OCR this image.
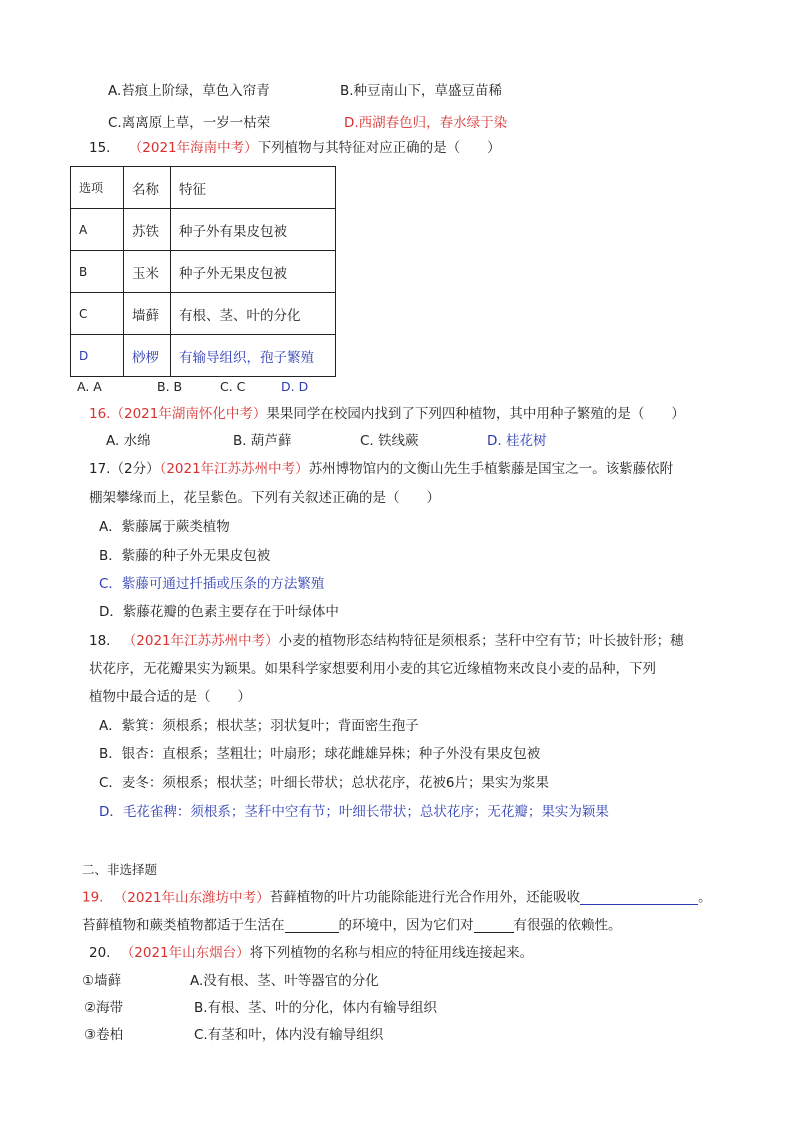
A.苔痕上阶绿，草色入帘青	B.种豆南山下，草盛豆苗稀
C.离离原上草，一岁一枯荣	D.西湖春色归，春水绿于染
15. （2021年海南中考）下列植物与其特征对应正确的是（　　）
选项	名称	特征
A	苏铁	种子外有果皮包被
B	玉米	种子外无果皮包被
C	墙藓	有根、茎、叶的分化
D	桫椤	有输导组织，孢子繁殖
A. A	B. B	C. C	D. D
16.（2021年湖南怀化中考）果果同学在校园内找到了下列四种植物，其中用种子繁殖的是（　　）
A. 水绵	B. 葫芦藓	C. 铁线蕨	D. 桂花树
17.（2分）（2021年江苏苏州中考）苏州博物馆内的文衡山先生手植紫藤是国宝之一。该紫藤依附
棚架攀缘而上，花呈紫色。下列有关叙述正确的是（　　）
A．紫藤属于蕨类植物
B．紫藤的种子外无果皮包被
C．紫藤可通过扦插或压条的方法繁殖
D．紫藤花瓣的色素主要存在于叶绿体中
18. （2021年江苏苏州中考）小麦的植物形态结构特征是须根系；茎秆中空有节；叶长披针形；穗
状花序，无花瓣果实为颖果。如果科学家想要利用小麦的其它近缘植物来改良小麦的品种，下列
植物中最合适的是（　　）
A．紫箕：须根系；根状茎；羽状复叶；背面密生孢子
B．银杏：直根系；茎粗壮；叶扇形；球花雌雄异株；种子外没有果皮包被
C．麦冬：须根系；根状茎；叶细长带状；总状花序，花被6片；果实为浆果
D．毛花雀稗：须根系；茎秆中空有节；叶细长带状；总状花序；无花瓣；果实为颖果
二、非选择题
19. （2021年山东潍坊中考）苔藓植物的叶片功能除能进行光合作用外，还能吸收	。
苔藓植物和蕨类植物都适于生活在	的环境中，因为它们对	有很强的依赖性。
20. （2021年山东烟台）将下列植物的名称与相应的特征用线连接起来。
①墙藓	A.没有根、茎、叶等器官的分化
②海带	B.有根、茎、叶的分化，体内有输导组织
③卷柏	C.有茎和叶，体内没有输导组织
